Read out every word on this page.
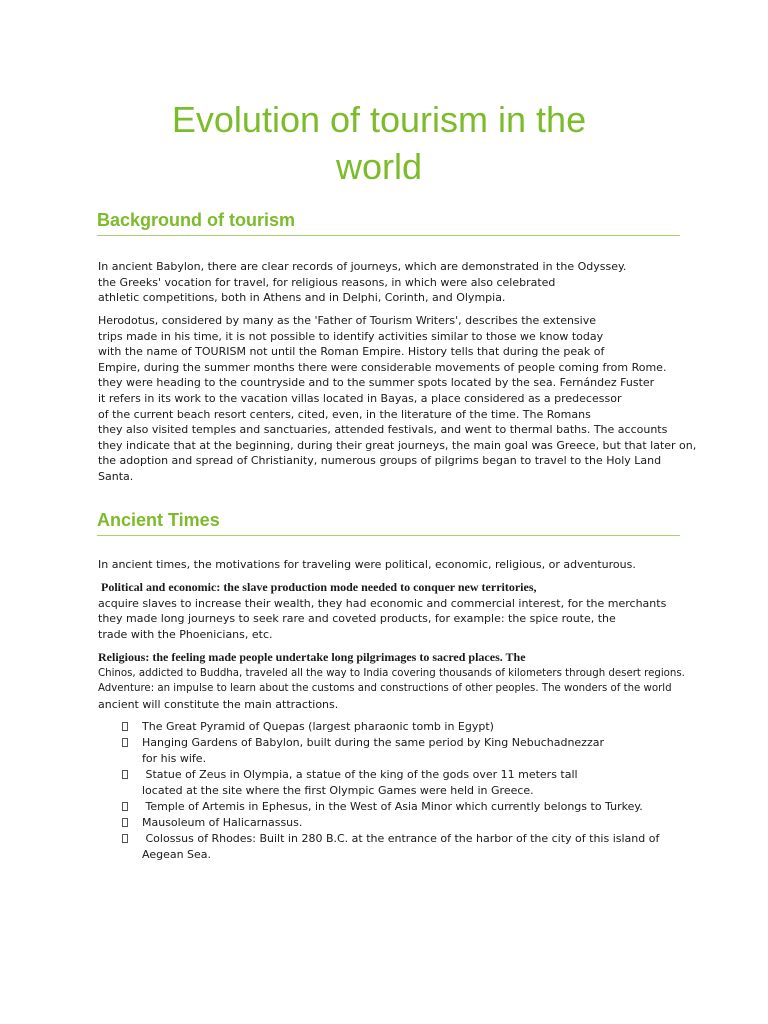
Evolution of tourism in the
world
Background of tourism

In ancient Babylon, there are clear records of journeys, which are demonstrated in the Odyssey.
the Greeks' vocation for travel, for religious reasons, in which were also celebrated
athletic competitions, both in Athens and in Delphi, Corinth, and Olympia.

Herodotus, considered by many as the 'Father of Tourism Writers', describes the extensive
trips made in his time, it is not possible to identify activities similar to those we know today
with the name of TOURISM not until the Roman Empire. History tells that during the peak of
Empire, during the summer months there were considerable movements of people coming from Rome.
they were heading to the countryside and to the summer spots located by the sea. Fernández Fuster
it refers in its work to the vacation villas located in Bayas, a place considered as a predecessor
of the current beach resort centers, cited, even, in the literature of the time. The Romans
they also visited temples and sanctuaries, attended festivals, and went to thermal baths. The accounts
they indicate that at the beginning, during their great journeys, the main goal was Greece, but that later on,
the adoption and spread of Christianity, numerous groups of pilgrims began to travel to the Holy Land
Santa.

Ancient Times

In ancient times, the motivations for traveling were political, economic, religious, or adventurous.

Political and economic: the slave production mode needed to conquer new territories,
acquire slaves to increase their wealth, they had economic and commercial interest, for the merchants
they made long journeys to seek rare and coveted products, for example: the spice route, the
trade with the Phoenicians, etc.

Religious: the feeling made people undertake long pilgrimages to sacred places. The
Chinos, addicted to Buddha, traveled all the way to India covering thousands of kilometers through desert regions.
Adventure: an impulse to learn about the customs and constructions of other peoples. The wonders of the world
ancient will constitute the main attractions.

The Great Pyramid of Quepas (largest pharaonic tomb in Egypt)
Hanging Gardens of Babylon, built during the same period by King Nebuchadnezzar
for his wife.
Statue of Zeus in Olympia, a statue of the king of the gods over 11 meters tall
located at the site where the first Olympic Games were held in Greece.
Temple of Artemis in Ephesus, in the West of Asia Minor which currently belongs to Turkey.
Mausoleum of Halicarnassus.
Colossus of Rhodes: Built in 280 B.C. at the entrance of the harbor of the city of this island of
Aegean Sea.
